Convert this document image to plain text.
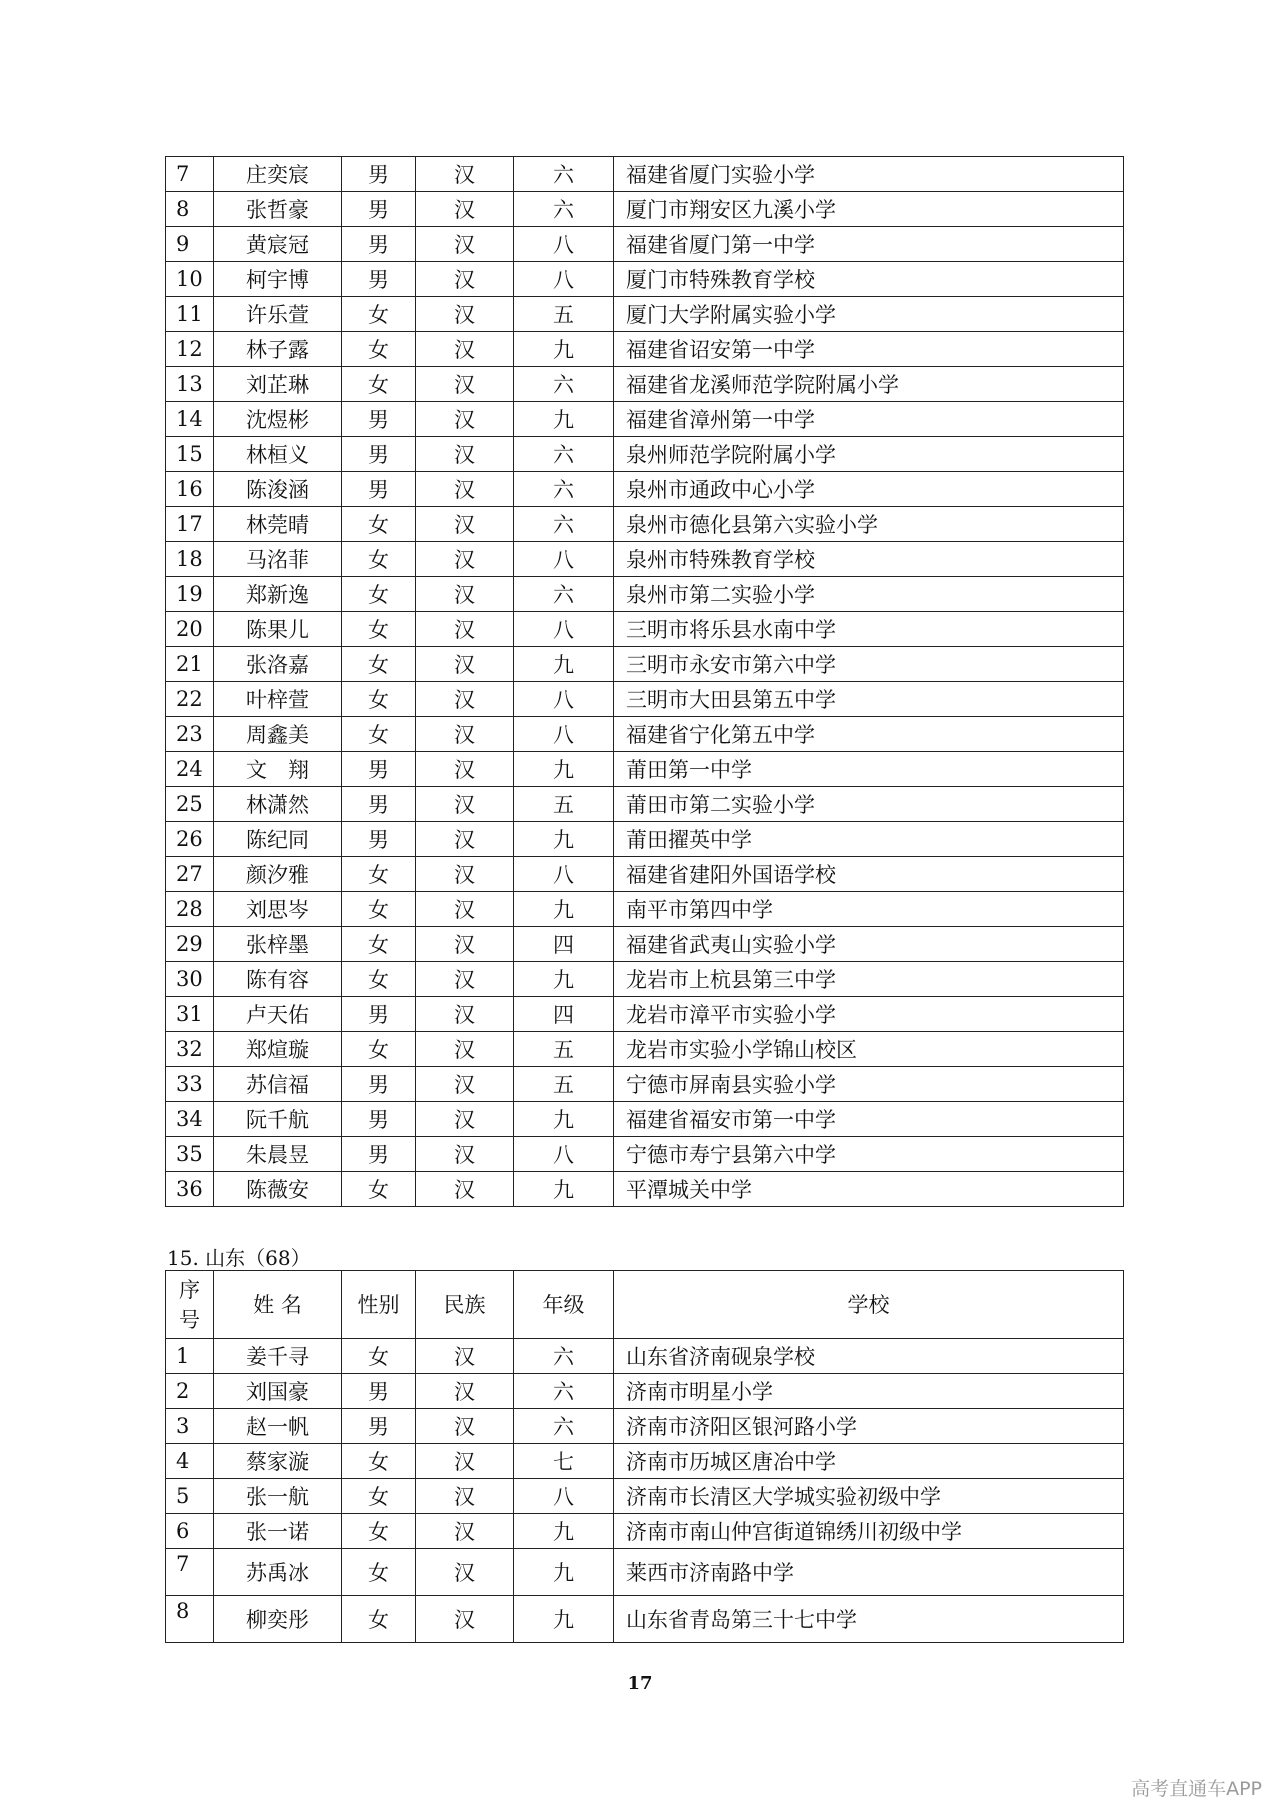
7	庄奕宸	男	汉	六	福建省厦门实验小学
8	张哲豪	男	汉	六	厦门市翔安区九溪小学
9	黄宸冠	男	汉	八	福建省厦门第一中学
10	柯宇博	男	汉	八	厦门市特殊教育学校
11	许乐萱	女	汉	五	厦门大学附属实验小学
12	林子露	女	汉	九	福建省诏安第一中学
13	刘芷琳	女	汉	六	福建省龙溪师范学院附属小学
14	沈煜彬	男	汉	九	福建省漳州第一中学
15	林桓义	男	汉	六	泉州师范学院附属小学
16	陈浚涵	男	汉	六	泉州市通政中心小学
17	林莞晴	女	汉	六	泉州市德化县第六实验小学
18	马洺菲	女	汉	八	泉州市特殊教育学校
19	郑新逸	女	汉	六	泉州市第二实验小学
20	陈果儿	女	汉	八	三明市将乐县水南中学
21	张洛嘉	女	汉	九	三明市永安市第六中学
22	叶梓萱	女	汉	八	三明市大田县第五中学
23	周鑫美	女	汉	八	福建省宁化第五中学
24	文　翔	男	汉	九	莆田第一中学
25	林潇然	男	汉	五	莆田市第二实验小学
26	陈纪同	男	汉	九	莆田擢英中学
27	颜汐雅	女	汉	八	福建省建阳外国语学校
28	刘思岑	女	汉	九	南平市第四中学
29	张梓墨	女	汉	四	福建省武夷山实验小学
30	陈有容	女	汉	九	龙岩市上杭县第三中学
31	卢天佑	男	汉	四	龙岩市漳平市实验小学
32	郑煊璇	女	汉	五	龙岩市实验小学锦山校区
33	苏信福	男	汉	五	宁德市屏南县实验小学
34	阮千航	男	汉	九	福建省福安市第一中学
35	朱晨昱	男	汉	八	宁德市寿宁县第六中学
36	陈薇安	女	汉	九	平潭城关中学
15. 山东（68）
序
号	姓 名	性别	民族	年级	学校
1	姜千寻	女	汉	六	山东省济南砚泉学校
2	刘国豪	男	汉	六	济南市明星小学
3	赵一帆	男	汉	六	济南市济阳区银河路小学
4	蔡家漩	女	汉	七	济南市历城区唐冶中学
5	张一航	女	汉	八	济南市长清区大学城实验初级中学
6	张一诺	女	汉	九	济南市南山仲宫街道锦绣川初级中学
7	苏禹冰	女	汉	九	莱西市济南路中学
8	柳奕彤	女	汉	九	山东省青岛第三十七中学
17
高考直通车APP
